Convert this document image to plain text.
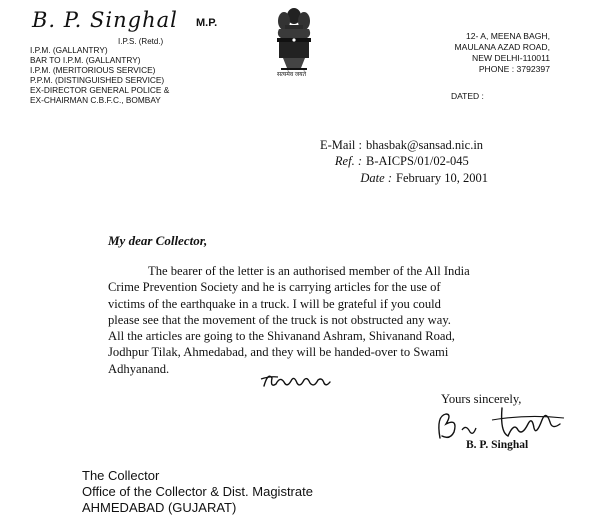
B. P. Singhal M.P.
I.P.S. (Retd.)
I.P.M. (GALLANTRY)
BAR TO I.P.M. (GALLANTRY)
I.P.M. (MERITORIOUS SERVICE)
P.P.M. (DISTINGUISHED SERVICE)
EX-DIRECTOR GENERAL POLICE &
EX-CHAIRMAN C.B.F.C., BOMBAY
सत्यमेव जयते
12- A, MEENA BAGH,
MAULANA AZAD ROAD,
NEW DELHI-110011
PHONE : 3792397
DATED :
E-Mail : bhasbak@sansad.nic.in
Ref. : B-AICPS/01/02-045
Date : February 10, 2001
My dear Collector,
The bearer of the letter is an authorised member of the All India
Crime Prevention Society and he is carrying articles for the use of
victims of the earthquake in a truck. I will be grateful if you could
please see that the movement of the truck is not obstructed any way.
All the articles are going to the Shivanand Ashram, Shivanand Road,
Jodhpur Tilak, Ahmedabad, and they will be handed-over to Swami
Adhyanand.
Yours sincerely,
B. P. Singhal
The Collector
Office of the Collector & Dist. Magistrate
AHMEDABAD (GUJARAT)
